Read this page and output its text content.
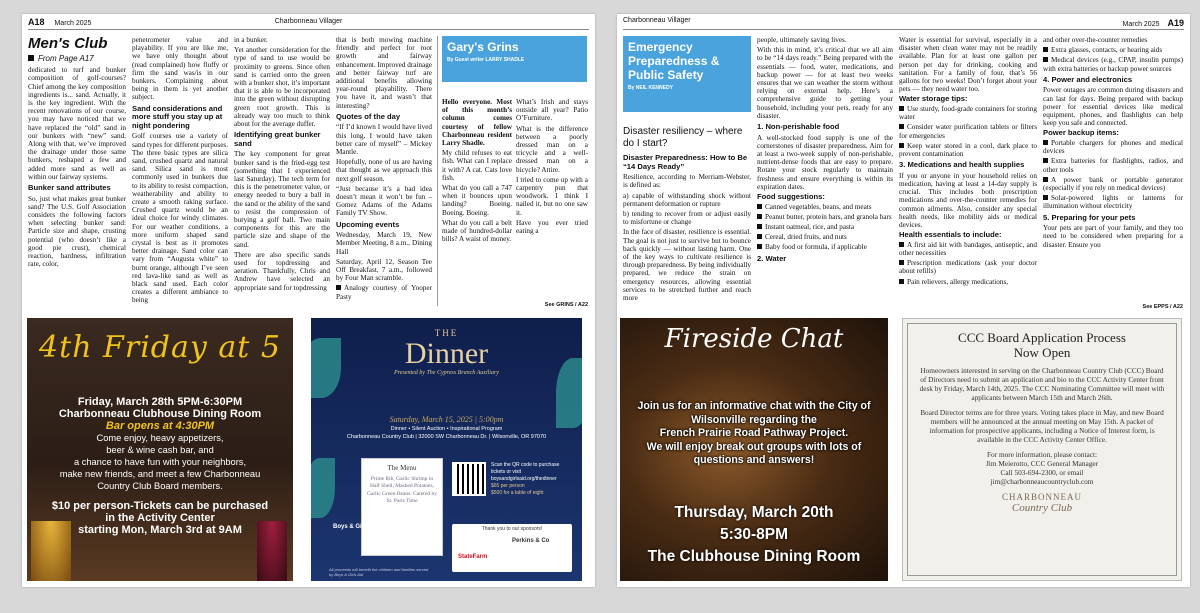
A18 March 2025	Charbonneau Villager
Men's Club
From Page A17

dedicated to turf and bunker composition of golf-courses? Chief among the key composition ingredients is... sand. Actually, it is the key ingredient. With the recent renovations of our course, you may have noticed that we have replaced the “old” sand in our bunkers with “new” sand. Along with that, we’ve improved the drainage under those same bunkers, reshaped a few and added more sand as well as within our fairway systems.

Bunker sand attributes

So, just what makes great bunker sand? The U.S. Golf Association considers the following factors when selecting bunker sand: Particle size and shape, crusting potential (who doesn’t like a good pie crust), chemical reaction, hardness, infiltration rate, color,

penetrometer value and playability. If you are like me, we have only thought about (read complained) how fluffy or firm the sand was/is in our bunkers. Complaining about being in them is yet another subject.

Sand considerations and more stuff you stay up at night pondering

Golf courses use a variety of sand types for different purposes. The three basic types are silica sand, crushed quartz and natural sand. Silica sand is most commonly used in bunkers due to its ability to resist compaction, weatherability and ability to create a smooth raking surface. Crushed quartz would be an ideal choice for windy climates. For our weather conditions, a more uniform shaped sand crystal is best as it promotes better drainage. Sand color can vary from “Augusta white” to burnt orange, although I’ve seen red lava-like sand as well as black sand used. Each color creates a different ambiance to being

in a bunker.

Yet another consideration for the type of sand to use would be proximity to greens. Since often sand is carried onto the green with a bunker shot, it’s important that it is able to be incorporated into the green without disrupting green root growth. This is already way too much to think about for the average duffer.

Identifying great bunker sand

The key component for great bunker sand is the fried-egg test (something that I experienced last Saturday). The tech term for this is the penetrometer value, or energy needed to bury a ball in the sand or the ability of the sand to resist the compression of burying a golf ball. Two main components for this are the particle size and shape of the sand.

There are also specific sands used for topdressing and aeration. Thankfully, Chris and Andrew have selected an appropriate sand for topdressing

that is both mowing machine friendly and perfect for root growth and fairway enhancement. Improved drainage and better fairway turf are additional benefits allowing year-round playability. There you have it, and wasn’t that interesting?

Quotes of the day

“If I’d known I would have lived this long, I would have taken better care of myself” – Mickey Mantle.

Hopefully, none of us are having that thought as we approach this next golf season.

“Just because it’s a bad idea doesn’t mean it won’t be fun – Gomez Adams of the Adams Family TV Show.

Upcoming events

Wednesday, March 19, New Member Meeting, 8 a.m., Dining Hall

Saturday, April 12, Season Tee Off Breakfast, 7 a.m., followed by Four Man scramble.

Analogy courtesy of Yooper Pasty

Gary's Grins
By Guest writer LARRY SHADLE

Hello everyone. Most of this month’s column comes courtesy of fellow Charbonneau resident Larry Shadle.

My child refuses to eat fish. What can I replace it with? A cat. Cats love fish.

What do you call a 747 when it bounces upon landing? Boeing. Boeing. Boeing.

What do you call a belt made of hundred-dollar bills? A waist of money.

What’s Irish and stays outside all year? Patio O’Furniture.

What is the difference between a poorly dressed man on a tricycle and a well-dressed man on a bicycle? Attire.

I tried to come up with a carpentry pun that woodwork. I think I nailed it, but no one saw it.

Have you ever tried eating a

See GRINS / A22
4th Friday at 5
Friday, March 28th 5PM-6:30PM
Charbonneau Clubhouse Dining Room
Bar opens at 4:30PM
Come enjoy, heavy appetizers,
beer & wine cash bar, and
a chance to have fun with your neighbors,
make new friends, and meet a few Charbonneau
Country Club Board members.
$10 per person-Tickets can be purchased
in the Activity Center
starting Mon, March 3rd at 9AM
THE
Dinner
Presented by The Cypress Branch Auxiliary
Saturday, March 15, 2025 | 5:00pm
Dinner • Silent Auction • Inspirational Program
Charbonneau Country Club | 32000 SW Charbonneau Dr. | Wilsonville, OR 97070
The Menu
Prime Rib, Garlic Shrimp in Half Shell, Mashed Potatoes, Garlic Green Beans. Catered by St. Paris Time
Scan the QR code to purchase tickets or visit boysandgirlsaid.org/thedinner
$65 per person
$500 for a table of eight
Thank you to our sponsors!
Perkins & Co
StateFarm
Boys & Girls Aid
All proceeds will benefit the children and families served by Boys & Girls Aid
Charbonneau Villager
March 2025 A19
Emergency Preparedness & Public Safety
By NEIL KENNEDY
Disaster resiliency – where do I start?
Disaster Preparedness: How to Be “14 Days Ready”

Resilience, according to Merriam-Webster, is defined as:

a) capable of withstanding shock without permanent deformation or rupture

b) tending to recover from or adjust easily to misfortune or change

In the face of disaster, resilience is essential. The goal is not just to survive but to bounce back quickly — without lasting harm. One of the key ways to cultivate resilience is through preparedness. By being individually prepared, we reduce the strain on emergency resources, allowing essential services to be stretched further and reach more

people, ultimately saving lives.

With this in mind, it’s critical that we all aim to be “14 days ready.” Being prepared with the essentials — food, water, medications, and backup power — for at least two weeks ensures that we can weather the storm without relying on external help. Here’s a comprehensive guide to getting your household, including your pets, ready for any disaster.

1. Non-perishable food

A well-stocked food supply is one of the cornerstones of disaster preparedness. Aim for at least a two-week supply of non-perishable, nutrient-dense foods that are easy to prepare. Rotate your stock regularly to maintain freshness and ensure everything is within its expiration dates.

Food suggestions:

Canned vegetables, beans, and meats

Peanut butter, protein bars, and granola bars

Instant oatmeal, rice, and pasta

Cereal, dried fruits, and nuts

Baby food or formula, if applicable

2. Water

Water is essential for survival, especially in a disaster when clean water may not be readily available. Plan for at least one gallon per person per day for drinking, cooking and sanitation. For a family of four, that’s 56 gallons for two weeks! Don’t forget about your pets — they need water too.

Water storage tips:

Use sturdy, food-grade containers for storing water

Consider water purification tablets or filters for emergencies

Keep water stored in a cool, dark place to prevent contamination

3. Medications and health supplies

If you or anyone in your household relies on medication, having at least a 14-day supply is crucial. This includes both prescription medications and over-the-counter remedies for common ailments. Also, consider any special health needs, like mobility aids or medical devices.

Health essentials to include:

A first aid kit with bandages, antiseptic, and other necessities

Prescription medications (ask your doctor about refills)

Pain relievers, allergy medications,

and other over-the-counter remedies

Extra glasses, contacts, or hearing aids

Medical devices (e.g., CPAP, insulin pumps) with extra batteries or backup power sources

4. Power and electronics

Power outages are common during disasters and can last for days. Being prepared with backup power for essential devices like medical equipment, phones, and flashlights can help keep you safe and connected.

Power backup items:

Portable chargers for phones and medical devices

Extra batteries for flashlights, radios, and other tools

A power bank or portable generator (especially if you rely on medical devices)

Solar-powered lights or lanterns for illumination without electricity

5. Preparing for your pets

Your pets are part of your family, and they too need to be considered when preparing for a disaster. Ensure you

See EPPS / A22
Fireside Chat
Join us for an informative chat with the City of
Wilsonville regarding the
French Prairie Road Pathway Project.
We will enjoy break out groups with lots of
questions and answers!
Thursday, March 20th
5:30-8PM
The Clubhouse Dining Room
CCC Board Application Process
Now Open
Homeowners interested in serving on the Charbonneau Country Club (CCC) Board of Directors need to submit an application and bio to the CCC Activity Center front desk by Friday, March 14th, 2025. The CCC Nominating Committee will meet with applicants between March 15th and March 26th.
Board Director terms are for three years. Voting takes place in May, and new Board members will be announced at the annual meeting on May 15th. A packet of information for prospective applicants, including a Notice of Interest form, is available in the CCC Activity Center Office.
For more information, please contact:
Jim Meierotto, CCC General Manager
Call 503-694-2300, or email
jim@charbonneaucountryclub.com
CHARBONNEAU
Country Club
